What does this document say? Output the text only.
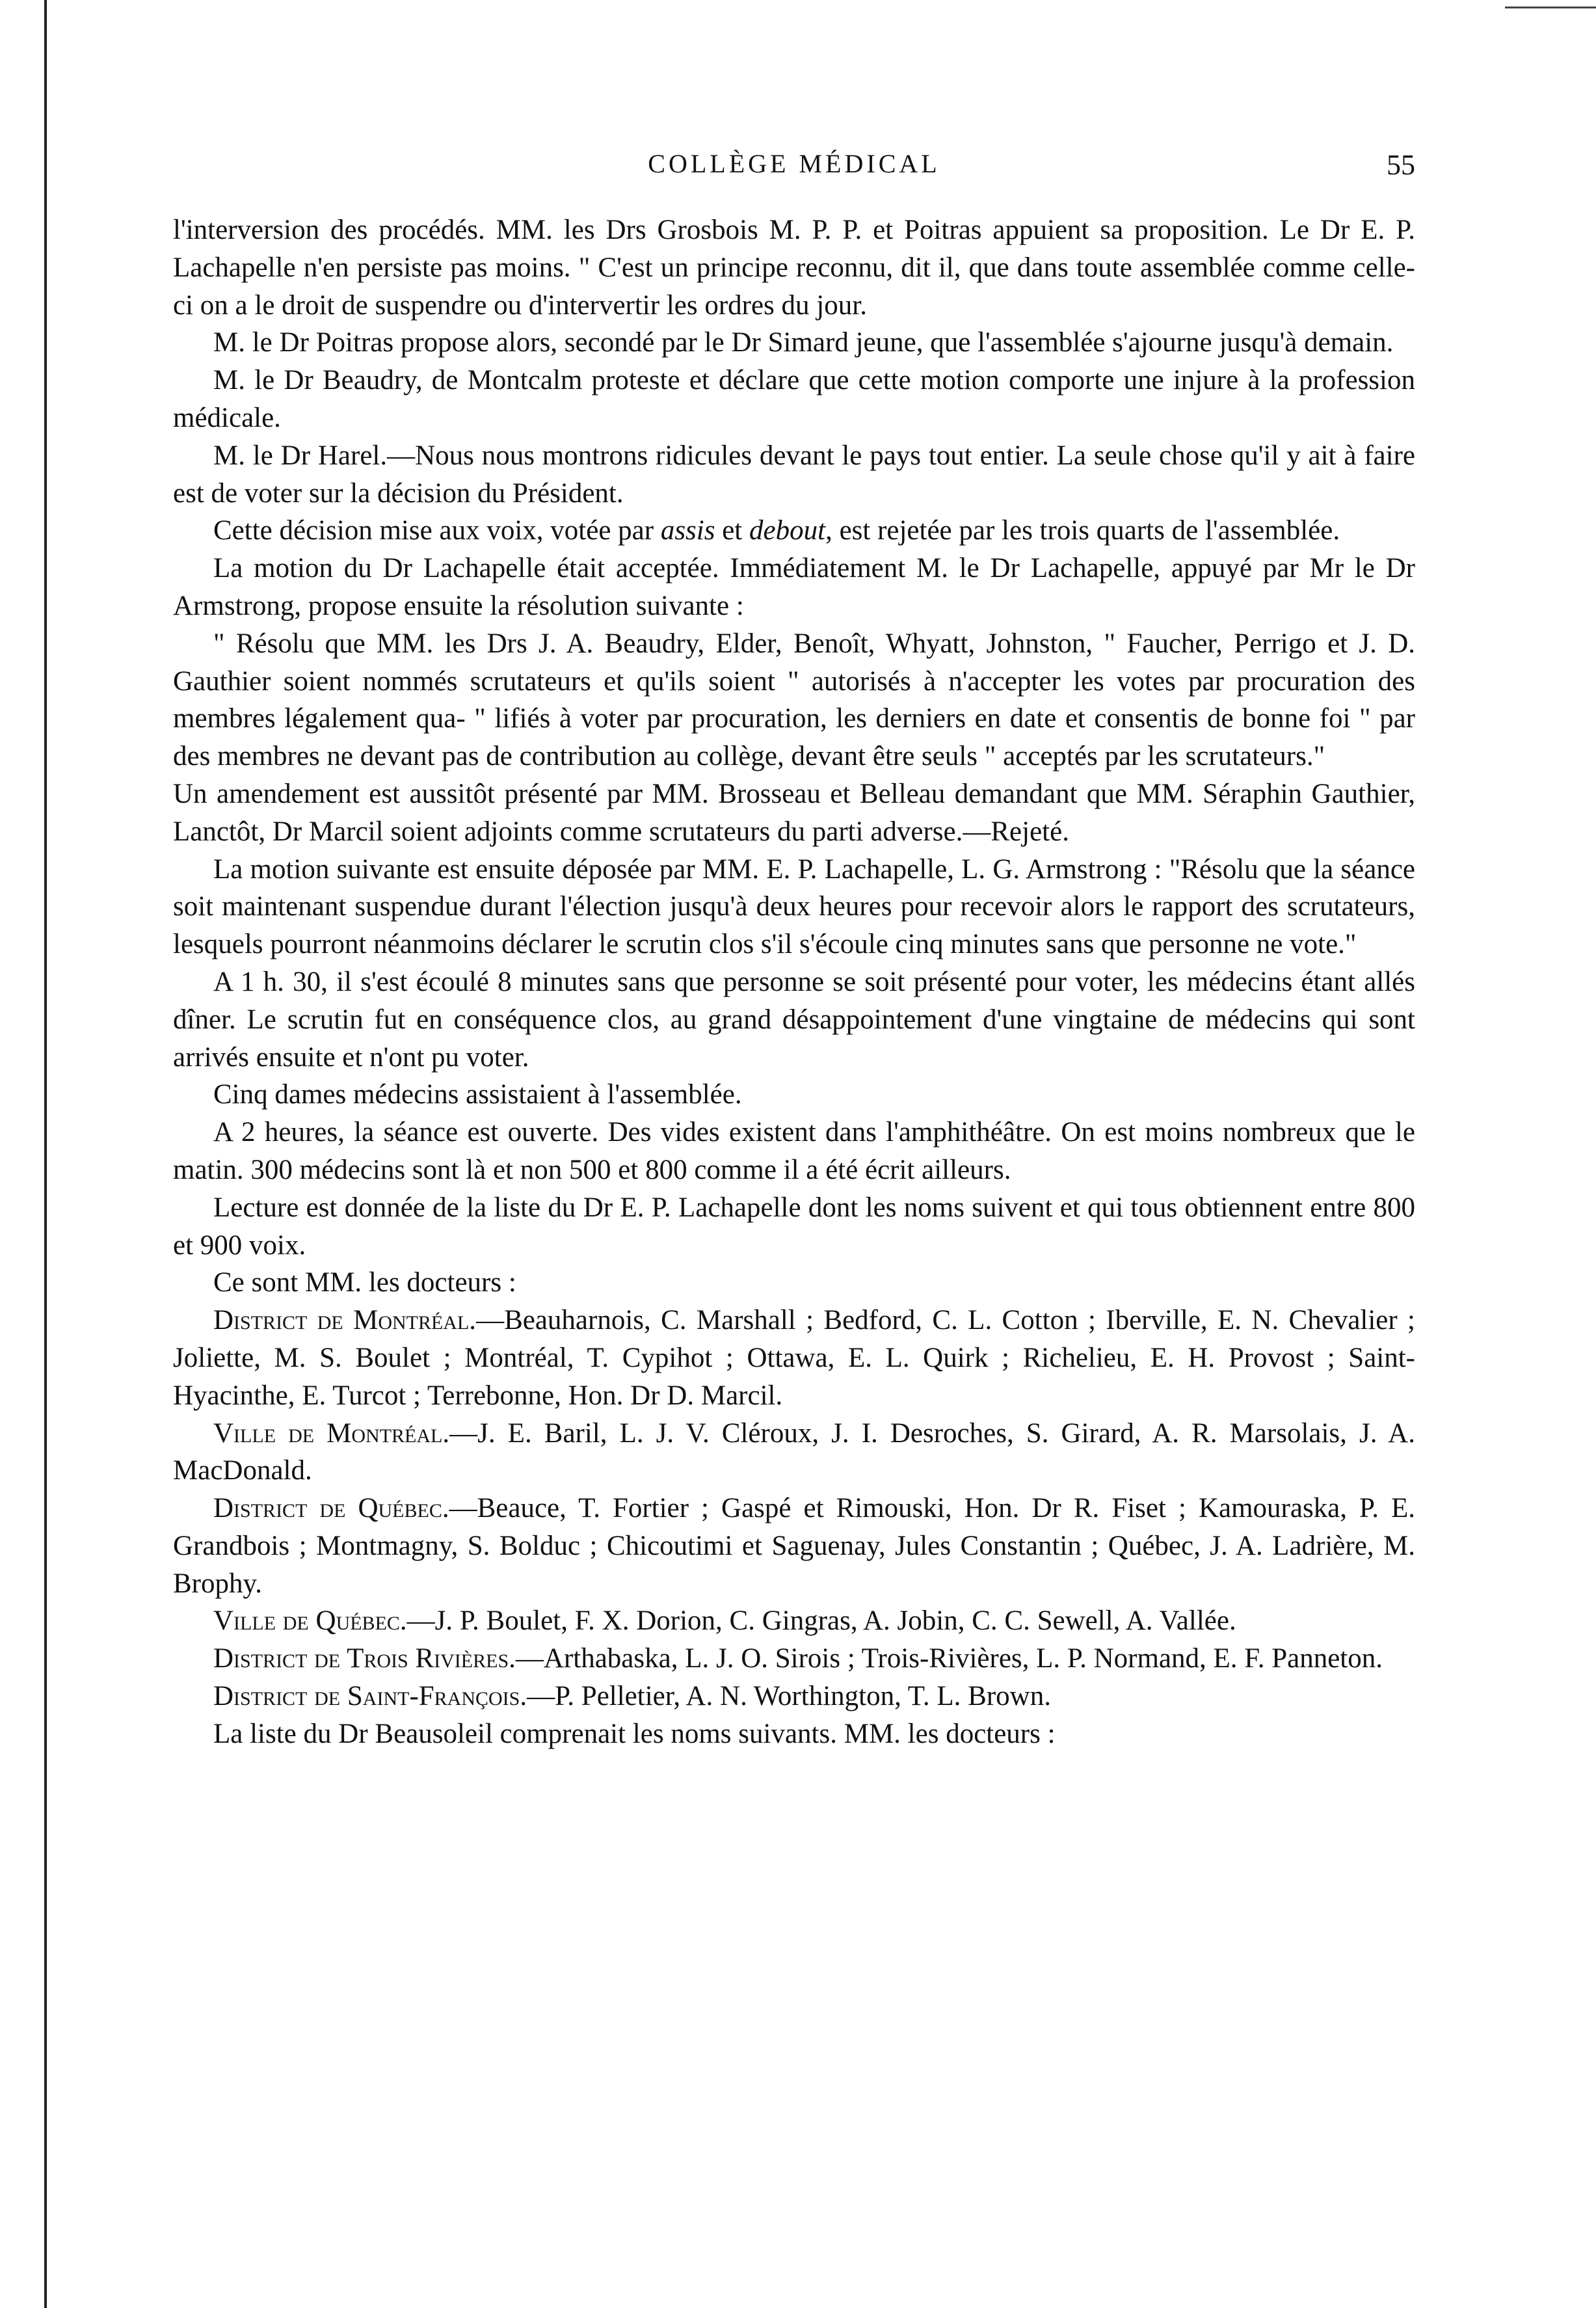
COLLÈGE MÉDICAL	55

l'interversion des procédés. MM. les Drs Grosbois M. P. P. et Poitras appuient sa proposition. Le Dr E. P. Lachapelle n'en persiste pas moins. " C'est un principe reconnu, dit il, que dans toute assemblée comme celle-ci on a le droit de suspendre ou d'intervertir les ordres du jour.

M. le Dr Poitras propose alors, secondé par le Dr Simard jeune, que l'assemblée s'ajourne jusqu'à demain.

M. le Dr Beaudry, de Montcalm proteste et déclare que cette motion comporte une injure à la profession médicale.

M. le Dr Harel.—Nous nous montrons ridicules devant le pays tout entier. La seule chose qu'il y ait à faire est de voter sur la décision du Président.

Cette décision mise aux voix, votée par assis et debout, est rejetée par les trois quarts de l'assemblée.

La motion du Dr Lachapelle était acceptée. Immédiatement M. le Dr Lachapelle, appuyé par Mr le Dr Armstrong, propose ensuite la résolution suivante :

" Résolu que MM. les Drs J. A. Beaudry, Elder, Benoît, Whyatt, Johnston, " Faucher, Perrigo et J. D. Gauthier soient nommés scrutateurs et qu'ils soient " autorisés à n'accepter les votes par procuration des membres légalement qua- " lifiés à voter par procuration, les derniers en date et consentis de bonne foi " par des membres ne devant pas de contribution au collège, devant être seuls " acceptés par les scrutateurs."

Un amendement est aussitôt présenté par MM. Brosseau et Belleau demandant que MM. Séraphin Gauthier, Lanctôt, Dr Marcil soient adjoints comme scrutateurs du parti adverse.—Rejeté.

La motion suivante est ensuite déposée par MM. E. P. Lachapelle, L. G. Armstrong : "Résolu que la séance soit maintenant suspendue durant l'élection jusqu'à deux heures pour recevoir alors le rapport des scrutateurs, lesquels pourront néanmoins déclarer le scrutin clos s'il s'écoule cinq minutes sans que personne ne vote."

A 1 h. 30, il s'est écoulé 8 minutes sans que personne se soit présenté pour voter, les médecins étant allés dîner. Le scrutin fut en conséquence clos, au grand désappointement d'une vingtaine de médecins qui sont arrivés ensuite et n'ont pu voter.

Cinq dames médecins assistaient à l'assemblée.

A 2 heures, la séance est ouverte. Des vides existent dans l'amphithéâtre. On est moins nombreux que le matin. 300 médecins sont là et non 500 et 800 comme il a été écrit ailleurs.

Lecture est donnée de la liste du Dr E. P. Lachapelle dont les noms suivent et qui tous obtiennent entre 800 et 900 voix.

Ce sont MM. les docteurs :

District de Montréal.—Beauharnois, C. Marshall ; Bedford, C. L. Cotton ; Iberville, E. N. Chevalier ; Joliette, M. S. Boulet ; Montréal, T. Cypihot ; Ottawa, E. L. Quirk ; Richelieu, E. H. Provost ; Saint-Hyacinthe, E. Turcot ; Terrebonne, Hon. Dr D. Marcil.

Ville de Montréal.—J. E. Baril, L. J. V. Cléroux, J. I. Desroches, S. Girard, A. R. Marsolais, J. A. MacDonald.

District de Québec.—Beauce, T. Fortier ; Gaspé et Rimouski, Hon. Dr R. Fiset ; Kamouraska, P. E. Grandbois ; Montmagny, S. Bolduc ; Chicoutimi et Saguenay, Jules Constantin ; Québec, J. A. Ladrière, M. Brophy.

Ville de Québec.—J. P. Boulet, F. X. Dorion, C. Gingras, A. Jobin, C. C. Sewell, A. Vallée.

District de Trois Rivières.—Arthabaska, L. J. O. Sirois ; Trois-Rivières, L. P. Normand, E. F. Panneton.

District de Saint-François.—P. Pelletier, A. N. Worthington, T. L. Brown.

La liste du Dr Beausoleil comprenait les noms suivants. MM. les docteurs :
